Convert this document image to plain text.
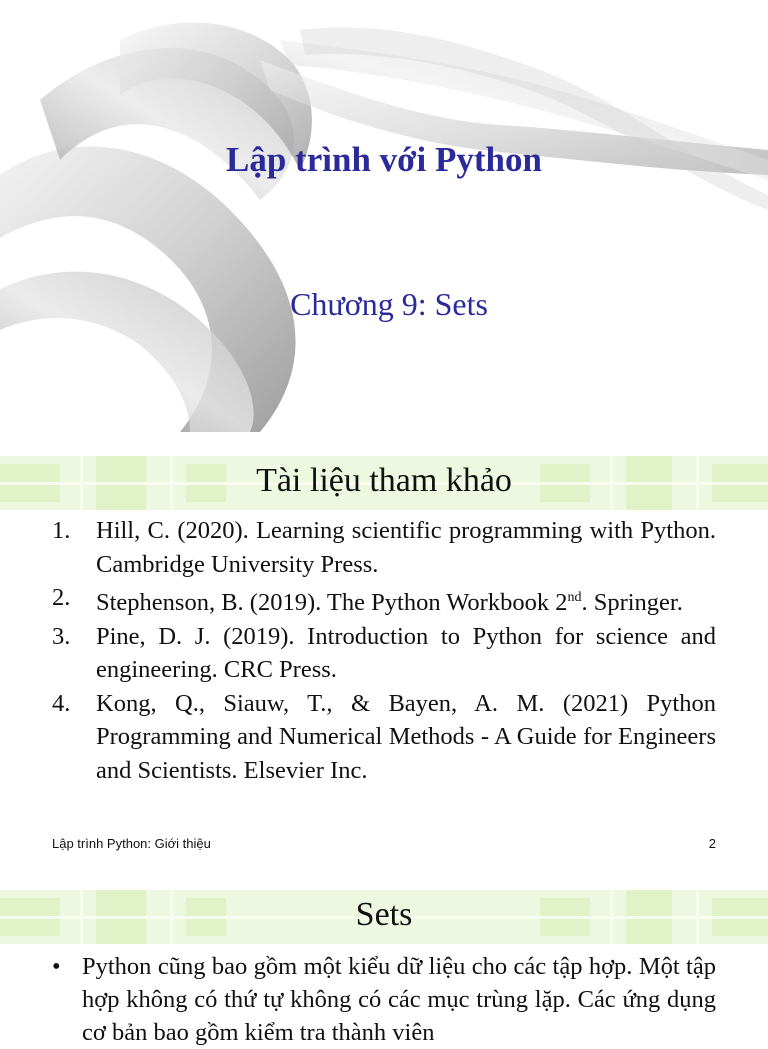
Lập trình với Python
Chương 9: Sets
Tài liệu tham khảo
1. Hill, C. (2020). Learning scientific programming with Python. Cambridge University Press.
2. Stephenson, B. (2019). The Python Workbook 2nd. Springer.
3. Pine, D. J. (2019). Introduction to Python for science and engineering. CRC Press.
4. Kong, Q., Siauw, T., & Bayen, A. M. (2021) Python Programming and Numerical Methods - A Guide for Engineers and Scientists. Elsevier Inc.
Lập trình Python: Giới thiệu	2
Sets
• Python cũng bao gồm một kiểu dữ liệu cho các tập hợp. Một tập hợp không có thứ tự không có các mục trùng lặp. Các ứng dụng cơ bản bao gồm kiểm tra thành viên
